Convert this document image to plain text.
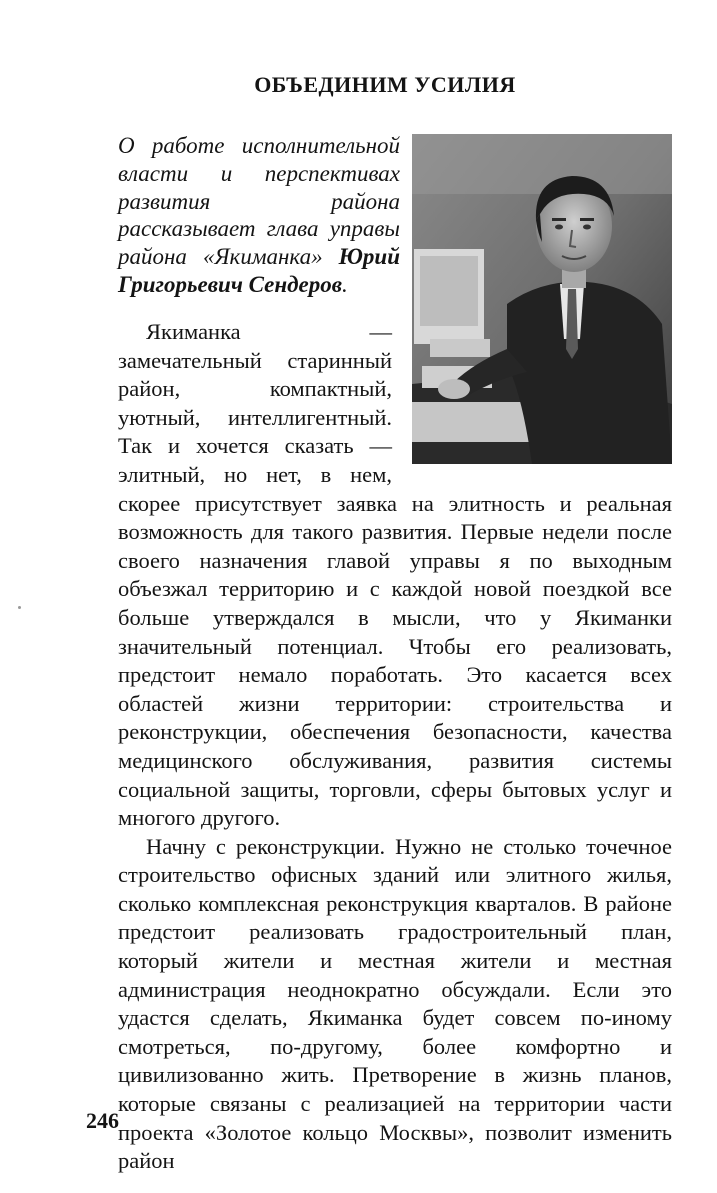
ОБЪЕДИНИМ УСИЛИЯ

О работе исполнительной власти и перспективах развития района рассказывает глава управы района «Якиманка» Юрий Григорьевич Сендеров.

Якиманка — замечательный старинный район, компактный, уютный, интеллигентный. Так и хочется сказать — элитный, но нет, в нем, скорее присутствует заявка на элитность и реальная возможность для такого развития. Первые недели после своего назначения главой управы я по выходным объезжал территорию и с каждой новой поездкой все больше утверждался в мысли, что у Якиманки значительный потенциал. Чтобы его реализовать, предстоит немало поработать. Это касается всех областей жизни территории: строительства и реконструкции, обеспечения безопасности, качества медицинского обслуживания, развития системы социальной защиты, торговли, сферы бытовых услуг и многого другого.

Начну с реконструкции. Нужно не столько точечное строительство офисных зданий или элитного жилья, сколько комплексная реконструкция кварталов. В районе предстоит реализовать градостроительный план, который жители и местная жители и местная администрация неоднократно обсуждали. Если это удастся сделать, Якиманка будет совсем по-иному смотреться, по-другому, более комфортно и цивилизованно жить. Претворение в жизнь планов, которые связаны с реализацией на территории части проекта «Золотое кольцо Москвы», позволит изменить район

246
